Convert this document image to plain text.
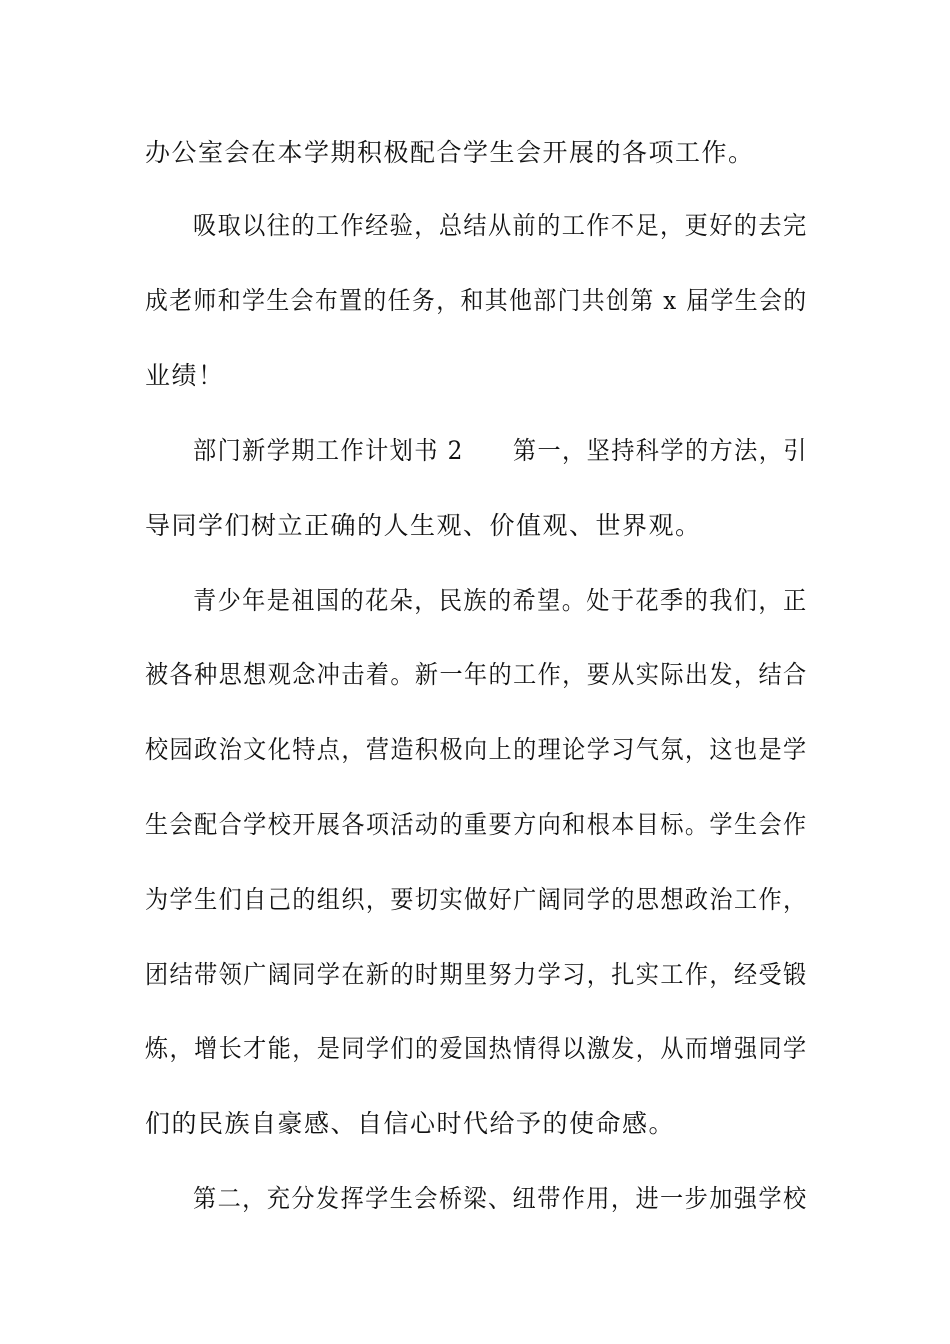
办公室会在本学期积极配合学生会开展的各项工作。
吸取以往的工作经验，总结从前的工作不足，更好的去完
成老师和学生会布置的任务，和其他部门共创第 x 届学生会的
业绩！
部门新学期工作计划书 2　　第一，坚持科学的方法，引
导同学们树立正确的人生观、价值观、世界观。
青少年是祖国的花朵，民族的希望。处于花季的我们，正
被各种思想观念冲击着。新一年的工作，要从实际出发，结合
校园政治文化特点，营造积极向上的理论学习气氛，这也是学
生会配合学校开展各项活动的重要方向和根本目标。学生会作
为学生们自己的组织，要切实做好广阔同学的思想政治工作，
团结带领广阔同学在新的时期里努力学习，扎实工作，经受锻
炼，增长才能，是同学们的爱国热情得以激发，从而增强同学
们的民族自豪感、自信心时代给予的使命感。
第二，充分发挥学生会桥梁、纽带作用，进一步加强学校
